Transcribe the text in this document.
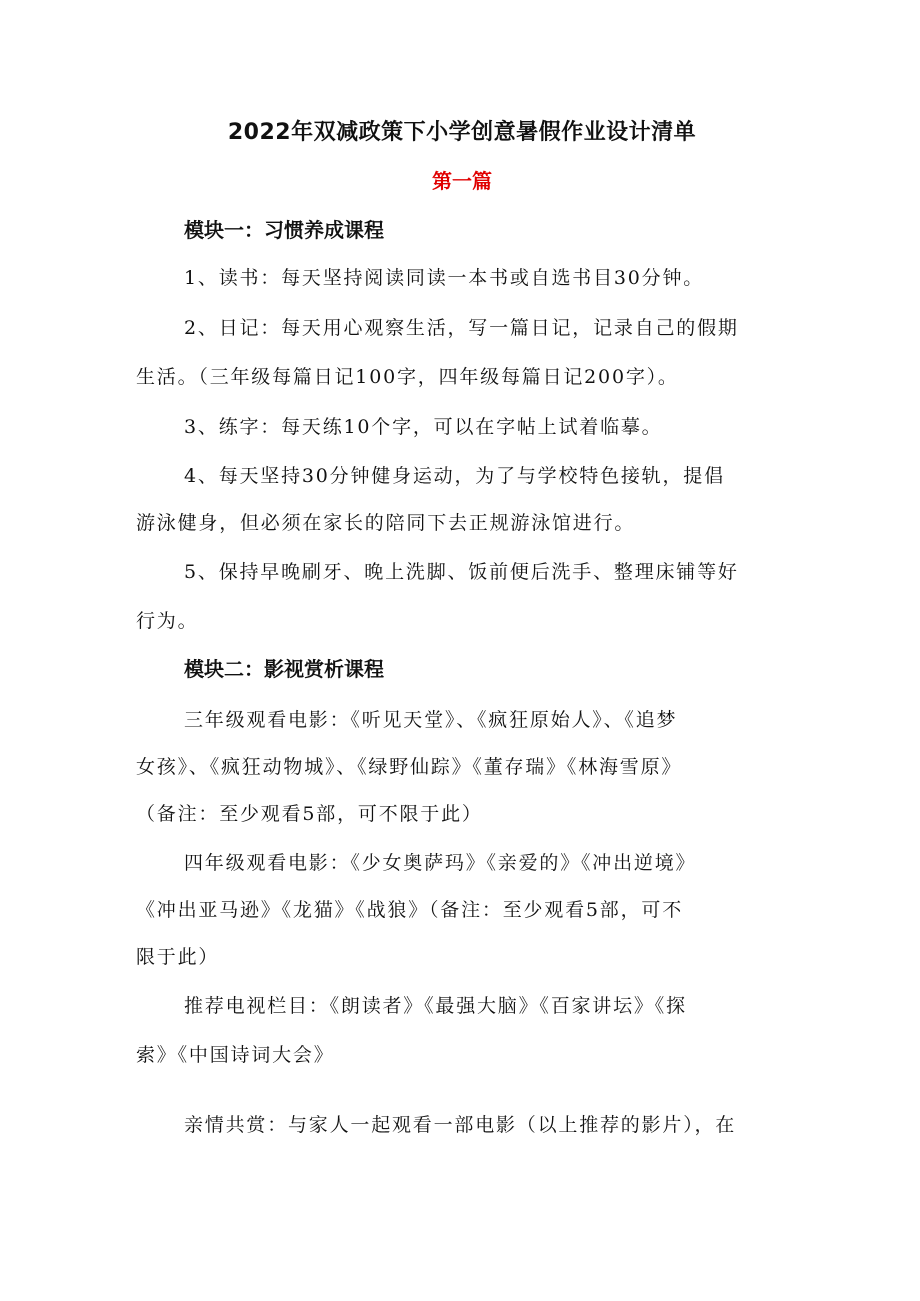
2022年双减政策下小学创意暑假作业设计清单
第一篇
模块一：习惯养成课程
1、读书：每天坚持阅读同读一本书或自选书目30分钟。
2、日记：每天用心观察生活，写一篇日记，记录自己的假期
生活。（三年级每篇日记100字，四年级每篇日记200字）。
3、练字：每天练10个字，可以在字帖上试着临摹。
4、每天坚持30分钟健身运动，为了与学校特色接轨，提倡
游泳健身，但必须在家长的陪同下去正规游泳馆进行。
5、保持早晚刷牙、晚上洗脚、饭前便后洗手、整理床铺等好
行为。
模块二：影视赏析课程
三年级观看电影：《听见天堂》、《疯狂原始人》、《追梦
女孩》、《疯狂动物城》、《绿野仙踪》《董存瑞》《林海雪原》
（备注：至少观看5部，可不限于此）
四年级观看电影：《少女奥萨玛》《亲爱的》《冲出逆境》
《冲出亚马逊》《龙猫》《战狼》（备注：至少观看5部，可不
限于此）
推荐电视栏目：《朗读者》《最强大脑》《百家讲坛》《探
索》《中国诗词大会》
亲情共赏：与家人一起观看一部电影（以上推荐的影片），在
